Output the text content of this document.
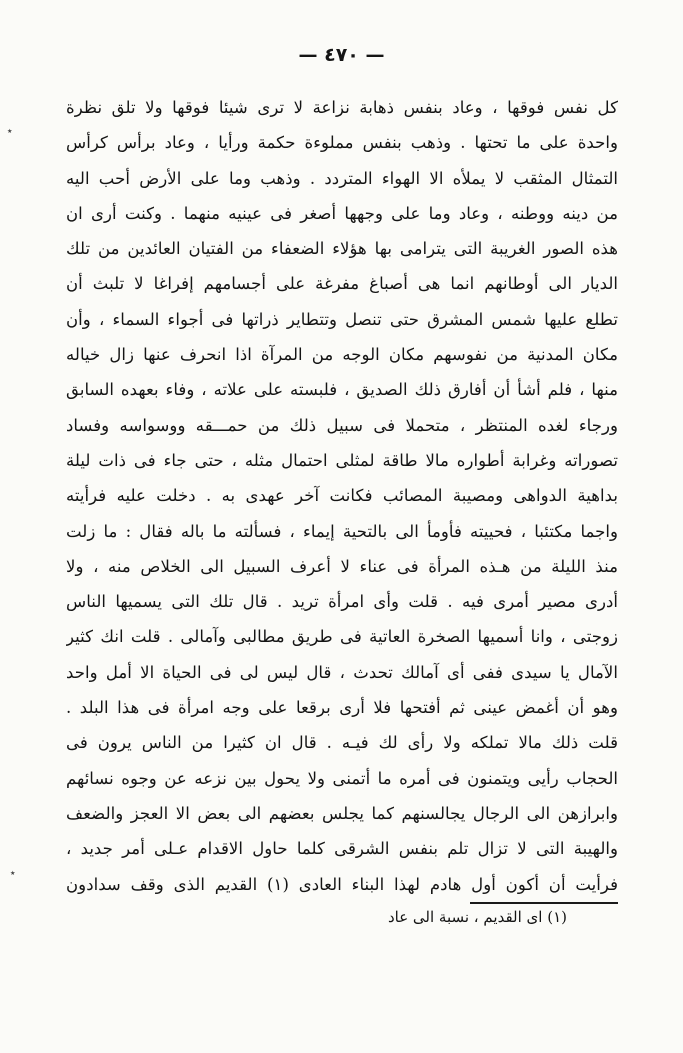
— ٤٧٠ —
كل نفس فوقها ، وعاد بنفس ذهابة نزاعة لا ترى شيئا فوقها ولا تلق نظرة
واحدة على ما تحتها . وذهب بنفس مملوءة حكمة ورأيا ، وعاد برأس كرأس
التمثال المثقب لا يملأه الا الهواء المتردد . وذهب وما على الأرض أحب اليه
من دينه ووطنه ، وعاد وما على وجهها أصغر فى عينيه منهما . وكنت أرى ان
هذه الصور الغريبة التى يترامى بها هؤلاء الضعفاء من الفتيان العائدين من تلك
الديار الى أوطانهم انما هى أصباغ مفرغة على أجسامهم إفراغا لا تلبث أن
تطلع عليها شمس المشرق حتى تنصل وتتطاير ذراتها فى أجواء السماء ، وأن
مكان المدنية من نفوسهم مكان الوجه من المرآة اذا انحرف عنها زال خياله
منها ، فلم أشأ أن أفارق ذلك الصديق ، فلبسته على علاته ، وفاء بعهده السابق
ورجاء لغده المنتظر ، متحملا فى سبيل ذلك من حمـــقه ووسواسه وفساد
تصوراته وغرابة أطواره مالا طاقة لمثلى احتمال مثله ، حتى جاء فى ذات ليلة
بداهية الدواهى ومصيبة المصائب فكانت آخر عهدى به . دخلت عليه فرأيته
واجما مكتئبا ، فحييته فأومأ الى بالتحية إيماء ، فسألته ما باله فقال : ما زلت
منذ الليلة من هـذه المرأة فى عناء لا أعرف السبيل الى الخلاص منه ، ولا
أدرى مصير أمرى فيه . قلت وأى امرأة تريد . قال تلك التى يسميها الناس
زوجتى ، وانا أسميها الصخرة العاتية فى طريق مطالبى وآمالى . قلت انك كثير
الآمال يا سيدى ففى أى آمالك تحدث ، قال ليس لى فى الحياة الا أمل واحد
وهو أن أغمض عينى ثم أفتحها فلا أرى برقعا على وجه امرأة فى هذا البلد .
قلت ذلك مالا تملكه ولا رأى لك فيـه . قال ان كثيرا من الناس يرون فى
الحجاب رأيى ويتمنون فى أمره ما أتمنى ولا يحول بين نزعه عن وجوه نسائهم
وابرازهن الى الرجال يجالسنهم كما يجلس بعضهم الى بعض الا العجز والضعف
والهيبة التى لا تزال تلم بنفس الشرقى كلما حاول الاقدام عـلى أمر جديد ،
فرأيت أن أكون أول هادم لهذا البناء العادى (١) القديم الذى وقف سدادون
(١) اى القديم ، نسبة الى عاد
٭
٭
